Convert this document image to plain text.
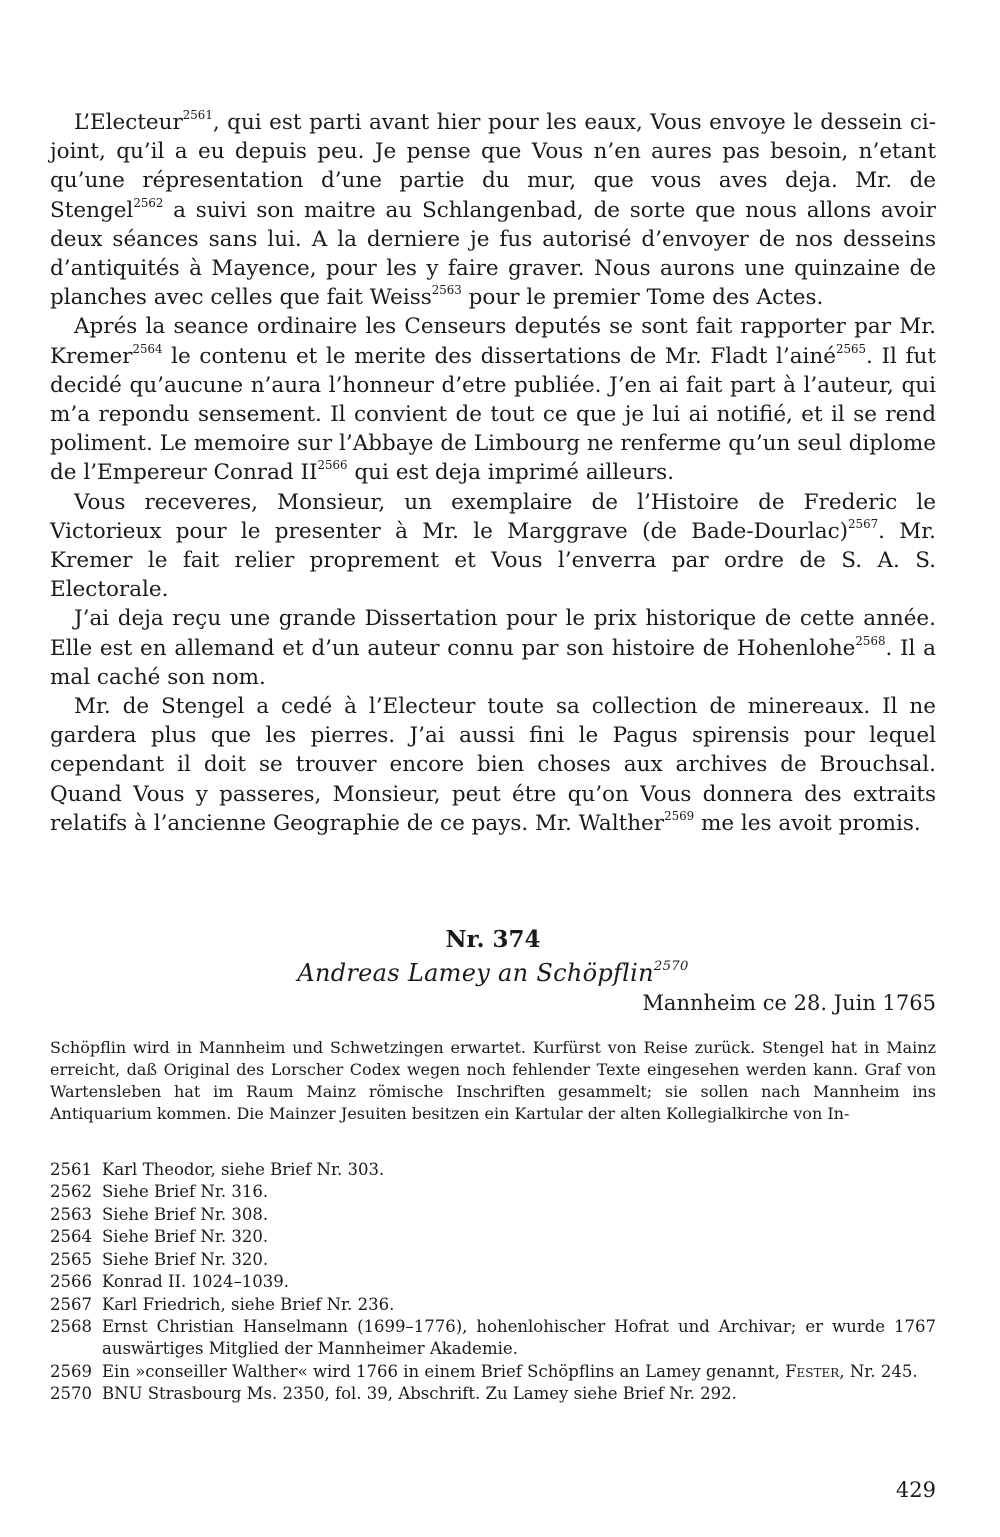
L’Electeur$^{2561}$, qui est parti avant hier pour les eaux, Vous envoye le dessein ci-joint, qu’il a eu depuis peu. Je pense que Vous n’en aures pas besoin, n’etant qu’une répresentation d’une partie du mur, que vous aves deja. Mr. de Stengel$^{2562}$ a suivi son maitre au Schlangenbad, de sorte que nous allons avoir deux séances sans lui. A la derniere je fus autorisé d’envoyer de nos desseins d’antiquités à Mayence, pour les y faire graver. Nous aurons une quinzaine de planches avec celles que fait Weiss$^{2563}$ pour le premier Tome des Actes.

Aprés la seance ordinaire les Censeurs deputés se sont fait rapporter par Mr. Kremer$^{2564}$ le contenu et le merite des dissertations de Mr. Fladt l’ainé$^{2565}$. Il fut decidé qu’aucune n’aura l’honneur d’etre publiée. J’en ai fait part à l’auteur, qui m’a repondu sensement. Il convient de tout ce que je lui ai notifié, et il se rend poliment. Le memoire sur l’Abbaye de Limbourg ne renferme qu’un seul diplome de l’Empereur Conrad $II^{2566}$ qui est deja imprimé ailleurs.

Vous receveres, Monsieur, un exemplaire de l’Histoire de Frederic le Victorieux pour le presenter à Mr. le Marggrave (de Bade-Dourlac)$^{2567}$. Mr. Kremer le fait relier proprement et Vous l’enverra par ordre de S. A. S. Electorale.

J’ai deja reçu une grande Dissertation pour le prix historique de cette année. Elle est en allemand et d’un auteur connu par son histoire de Hohenlohe$^{2568}$. Il a mal caché son nom.

Mr. de Stengel a cedé à l’Electeur toute sa collection de minereaux. Il ne gardera plus que les pierres. J’ai aussi fini le Pagus spirensis pour lequel cependant il doit se trouver encore bien choses aux archives de Brouchsal. Quand Vous y passeres, Monsieur, peut étre qu’on Vous donnera des extraits relatifs à l’ancienne Geographie de ce pays. Mr. Walther$^{2569}$ me les avoit promis.

Nr. 374
Andreas Lamey an Schöpflin$^{2570}$
Mannheim ce 28. Juin 1765
Schöpflin wird in Mannheim und Schwetzingen erwartet. Kurfürst von Reise zurück. Stengel hat in Mainz erreicht, daß Original des Lorscher Codex wegen noch fehlender Texte eingesehen werden kann. Graf von Wartensleben hat im Raum Mainz römische Inschriften gesammelt; sie sollen nach Mannheim ins Antiquarium kommen. Die Mainzer Jesuiten besitzen ein Kartular der alten Kollegialkirche von In-
2561 Karl Theodor, siehe Brief Nr. 303.
2562 Siehe Brief Nr. 316.
2563 Siehe Brief Nr. 308.
2564 Siehe Brief Nr. 320.
2565 Siehe Brief Nr. 320.
2566 Konrad II. 1024–1039.
2567 Karl Friedrich, siehe Brief Nr. 236.
2568 Ernst Christian Hanselmann (1699–1776), hohenlohischer Hofrat und Archivar; er wurde 1767 auswärtiges Mitglied der Mannheimer Akademie.
2569 Ein »conseiller Walther« wird 1766 in einem Brief Schöpflins an Lamey genannt, Fester, Nr. 245.
2570 BNU Strasbourg Ms. 2350, fol. 39, Abschrift. Zu Lamey siehe Brief Nr. 292.
429
